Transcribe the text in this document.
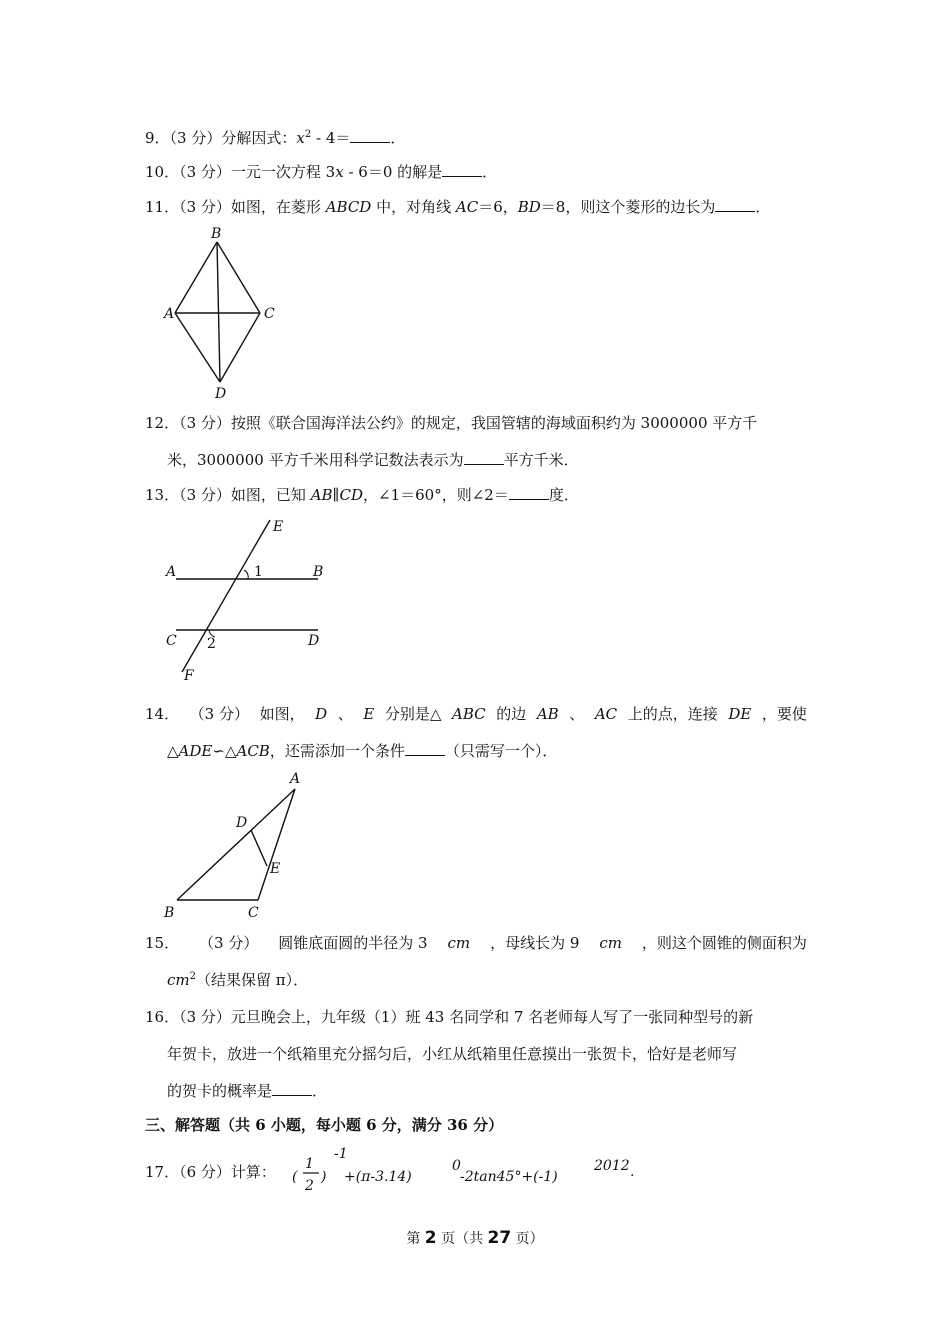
9．（3 分）分解因式：$x^2$ ‐ 4＝	．
10．（3 分）一元一次方程 3x ‐ 6＝0 的解是	．
11．（3 分）如图，在菱形 ABCD 中，对角线 AC＝6，BD＝8，则这个菱形的边长为	．
B
A	C
D
12．（3 分）按照《联合国海洋法公约》的规定，我国管辖的海域面积约为 3000000 平方千
米，3000000 平方千米用科学记数法表示为	平方千米．
13．（3 分）如图，已知 AB∥CD，∠1＝60°，则∠2＝	度．
E
A	B
1
C 2	D
F
14． （3 分） 如图， D 、 E 分别是△ ABC 的边 AB 、 AC 上的点，连接 DE ，要使
△ADE∽△ACB，还需添加一个条件	（只需写一个）．
A
D
E
B	C
15． （3 分） 圆锥底面圆的半径为 3 cm ，母线长为 9 cm ，则这个圆锥的侧面积为
$cm^2$（结果保留 π）．
16．（3 分）元旦晚会上，九年级（1）班 43 名同学和 7 名老师每人写了一张同种型号的新
年贺卡，放进一个纸箱里充分摇匀后，小红从纸箱里任意摸出一张贺卡，恰好是老师写
的贺卡的概率是	．
三、解答题（共 6 小题，每小题 6 分，满分 36 分）
17．（6 分）计算： (
1
2
)
-1
+(π-3.14)
0
-2tan45°+(-1)
2012 .
第 2 页（共 27 页）
